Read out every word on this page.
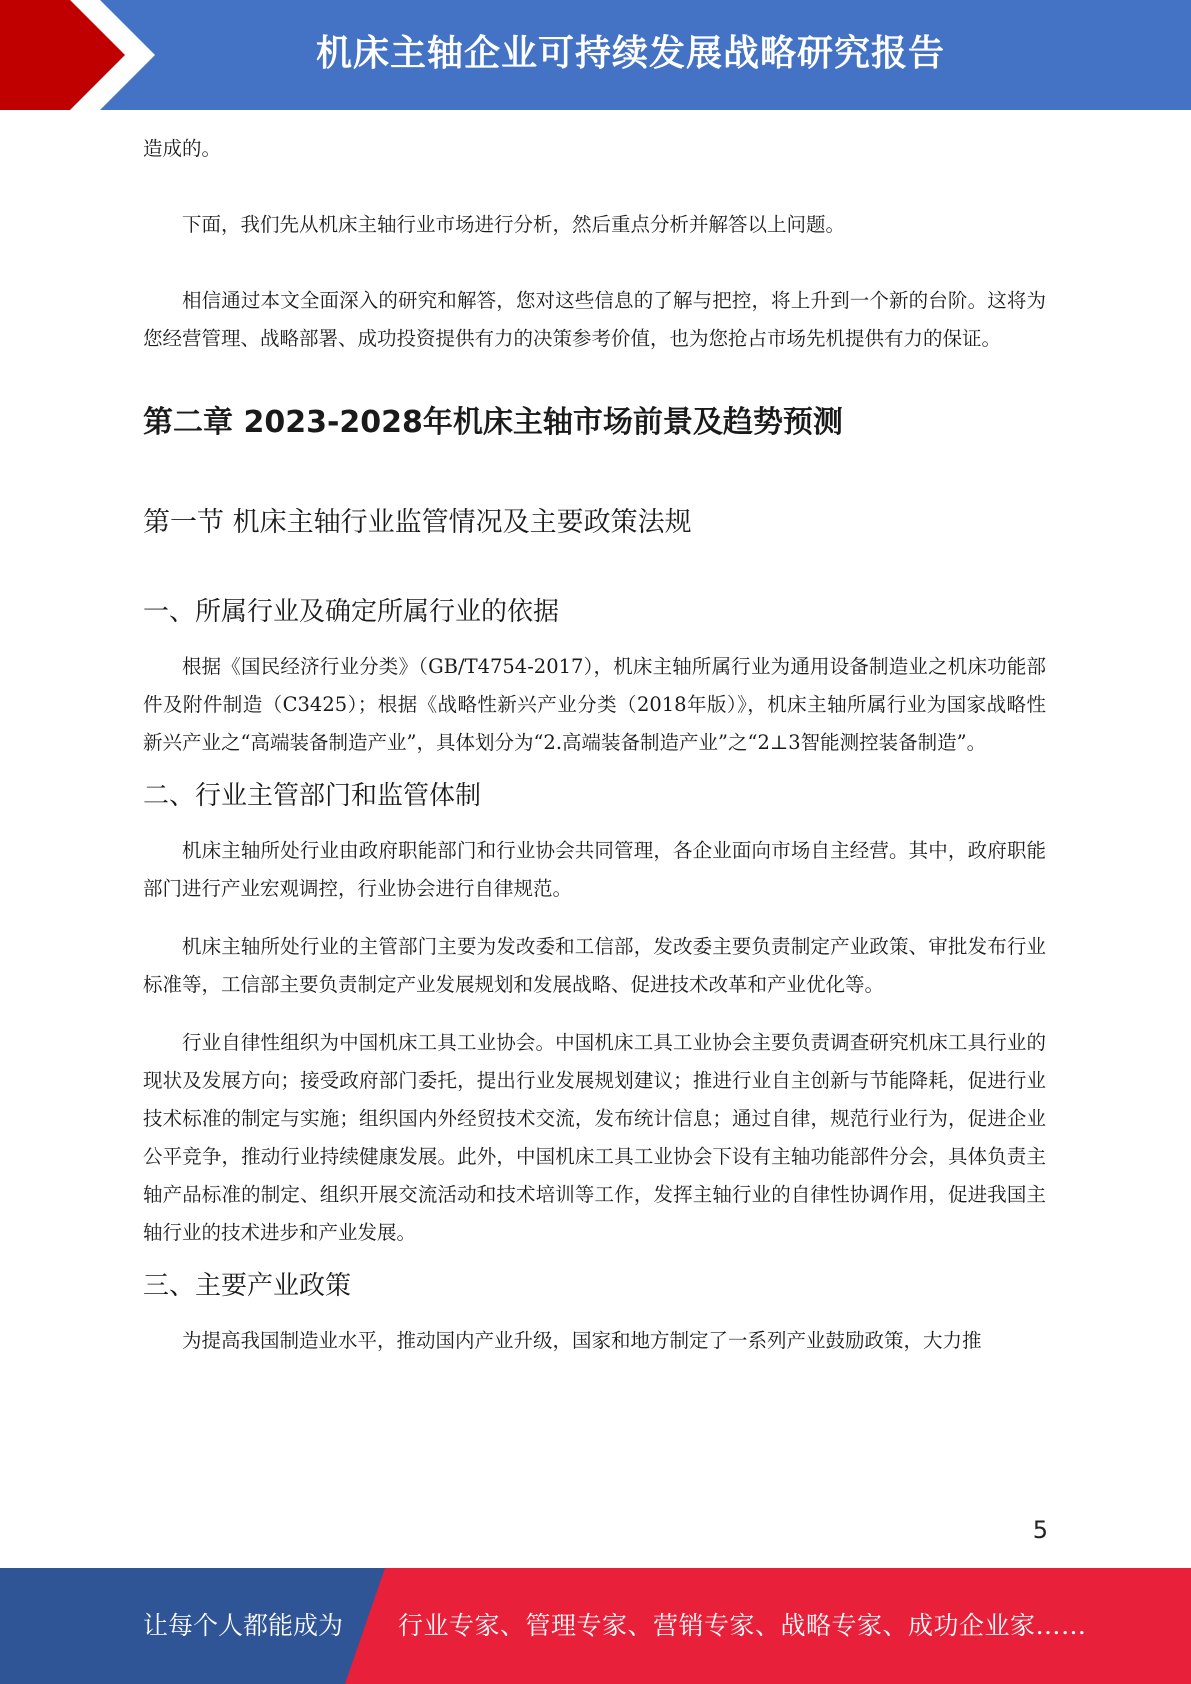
机床主轴企业可持续发展战略研究报告

造成的。

下面，我们先从机床主轴行业市场进行分析，然后重点分析并解答以上问题。

相信通过本文全面深入的研究和解答，您对这些信息的了解与把控，将上升到一个新的台阶。这将为您经营管理、战略部署、成功投资提供有力的决策参考价值，也为您抢占市场先机提供有力的保证。

第二章 2023-2028年机床主轴市场前景及趋势预测
第一节 机床主轴行业监管情况及主要政策法规
一、所属行业及确定所属行业的依据

根据《国民经济行业分类》（GB/T4754-2017），机床主轴所属行业为通用设备制造业之机床功能部件及附件制造（C3425）；根据《战略性新兴产业分类（2018年版）》，机床主轴所属行业为国家战略性新兴产业之“高端装备制造产业”，具体划分为“2.高端装备制造产业”之“2⊥3智能测控装备制造”。

二、行业主管部门和监管体制

机床主轴所处行业由政府职能部门和行业协会共同管理，各企业面向市场自主经营。其中，政府职能部门进行产业宏观调控，行业协会进行自律规范。

机床主轴所处行业的主管部门主要为发改委和工信部，发改委主要负责制定产业政策、审批发布行业标准等，工信部主要负责制定产业发展规划和发展战略、促进技术改革和产业优化等。

行业自律性组织为中国机床工具工业协会。中国机床工具工业协会主要负责调查研究机床工具行业的现状及发展方向；接受政府部门委托，提出行业发展规划建议；推进行业自主创新与节能降耗，促进行业技术标准的制定与实施；组织国内外经贸技术交流，发布统计信息；通过自律，规范行业行为，促进企业公平竞争，推动行业持续健康发展。此外，中国机床工具工业协会下设有主轴功能部件分会，具体负责主轴产品标准的制定、组织开展交流活动和技术培训等工作，发挥主轴行业的自律性协调作用，促进我国主轴行业的技术进步和产业发展。

三、主要产业政策

为提高我国制造业水平，推动国内产业升级，国家和地方制定了一系列产业鼓励政策，大力推

5
让每个人都能成为 行业专家、管理专家、营销专家、战略专家、成功企业家……
